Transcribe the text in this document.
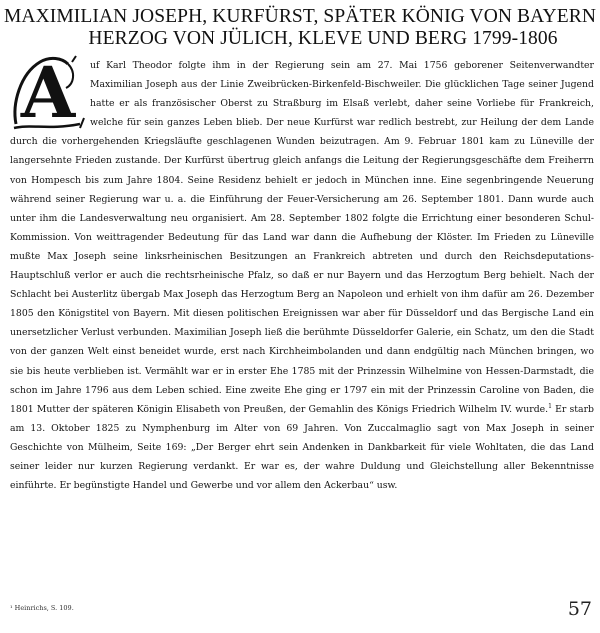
MAXIMILIAN JOSEPH, KURFÜRST, SPÄTER KÖNIG VON BAYERN
HERZOG VON JÜLICH, KLEVE UND BERG 1799-1806
A uf Karl Theodor folgte ihm in der Regierung sein am 27. Mai 1756 geborener Seitenverwandter Maximilian Joseph aus der Linie Zweibrücken-Birkenfeld-Bischweiler. Die glücklichen Tage seiner Jugend hatte er als französischer Oberst zu Straßburg im Elsaß verlebt, daher seine Vorliebe für Frankreich, welche für sein ganzes Leben blieb. Der neue Kurfürst war redlich bestrebt, zur Heilung der dem Lande durch die vorhergehenden Kriegsläufte geschlagenen Wunden beizutragen. Am 9. Februar 1801 kam zu Lüneville der langersehnte Frieden zustande. Der Kurfürst übertrug gleich anfangs die Leitung der Regierungsgeschäfte dem Freiherrn von Hompesch bis zum Jahre 1804. Seine Residenz behielt er jedoch in München inne. Eine segenbringende Neuerung während seiner Regierung war u. a. die Einführung der Feuer-Versicherung am 26. September 1801. Dann wurde auch unter ihm die Landesverwaltung neu organisiert. Am 28. September 1802 folgte die Errichtung einer besonderen Schul-Kommission. Von weittragender Bedeutung für das Land war dann die Aufhebung der Klöster. Im Frieden zu Lüneville mußte Max Joseph seine linksrheinischen Besitzungen an Frankreich abtreten und durch den Reichsdeputations-Hauptschluß verlor er auch die rechtsrheinische Pfalz, so daß er nur Bayern und das Herzogtum Berg behielt. Nach der Schlacht bei Austerlitz übergab Max Joseph das Herzogtum Berg an Napoleon und erhielt von ihm dafür am 26. Dezember 1805 den Königstitel von Bayern. Mit diesen politischen Ereignissen war aber für Düsseldorf und das Bergische Land ein unersetzlicher Verlust verbunden. Maximilian Joseph ließ die berühmte Düsseldorfer Galerie, ein Schatz, um den die Stadt von der ganzen Welt einst beneidet wurde, erst nach Kirchheimbolanden und dann endgültig nach München bringen, wo sie bis heute verblieben ist. Vermählt war er in erster Ehe 1785 mit der Prinzessin Wilhelmine von Hessen-Darmstadt, die schon im Jahre 1796 aus dem Leben schied. Eine zweite Ehe ging er 1797 ein mit der Prinzessin Caroline von Baden, die 1801 Mutter der späteren Königin Elisabeth von Preußen, der Gemahlin des Königs Friedrich Wilhelm IV. wurde.$^1$ Er starb am 13. Oktober 1825 zu Nymphenburg im Alter von 69 Jahren. Von Zuccalmaglio sagt von Max Joseph in seiner Geschichte von Mülheim, Seite 169: „Der Berger ehrt sein Andenken in Dankbarkeit für viele Wohltaten, die das Land seiner leider nur kurzen Regierung verdankt. Er war es, der wahre Duldung und Gleichstellung aller Bekenntnisse einführte. Er begünstigte Handel und Gewerbe und vor allem den Ackerbau“ usw.
¹ Heinrichs, S. 109.	57
